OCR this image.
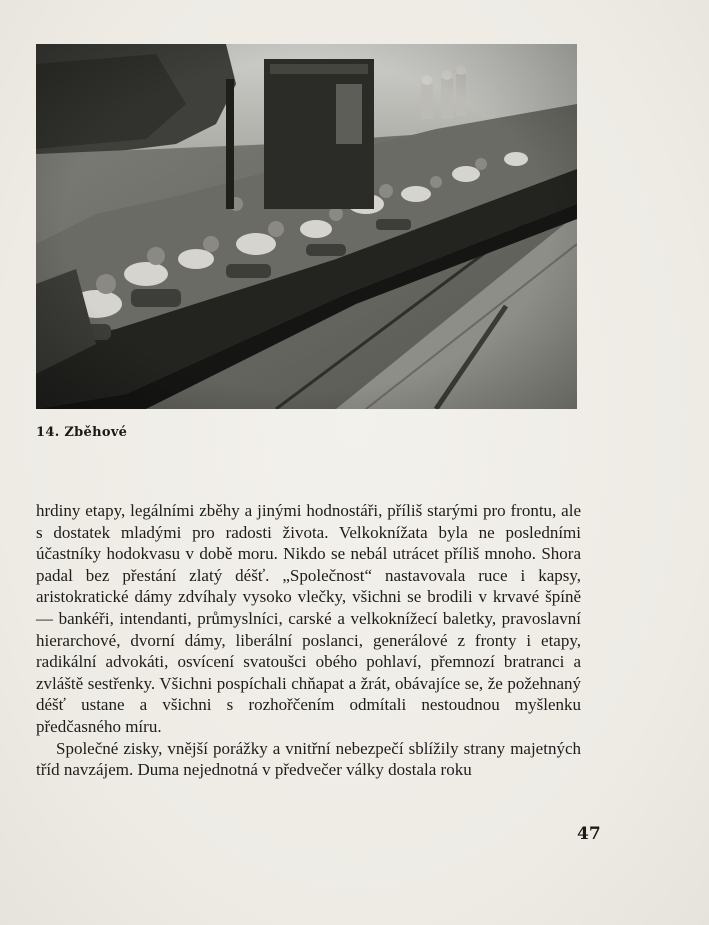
14. Zběhové

hrdiny etapy, legálními zběhy a jinými hodnostáři, příliš starými pro frontu, ale s dostatek mladými pro radosti života. Velkoknížata byla ne posledními účastníky hodokvasu v době moru. Nikdo se nebál utrácet příliš mnoho. Shora padal bez přestání zlatý déšť. „Společnost“ nastavovala ruce i kapsy, aristokratické dámy zdvíhaly vysoko vlečky, všichni se brodili v krvavé špíně — bankéři, intendanti, průmyslníci, carské a velkoknížecí baletky, pravoslavní hierarchové, dvorní dámy, liberální poslanci, generálové z fronty i etapy, radikální advokáti, osvícení svatoušci obého pohlaví, přemnozí bratranci a zvláště sestřenky. Všichni pospíchali chňapat a žrát, obávajíce se, že požehnaný déšť ustane a všichni s rozhořčením odmítali nestoudnou myšlenku předčasného míru.

Společné zisky, vnější porážky a vnitřní nebezpečí sblížily strany majetných tříd navzájem. Duma nejednotná v předvečer války dostala roku

47
